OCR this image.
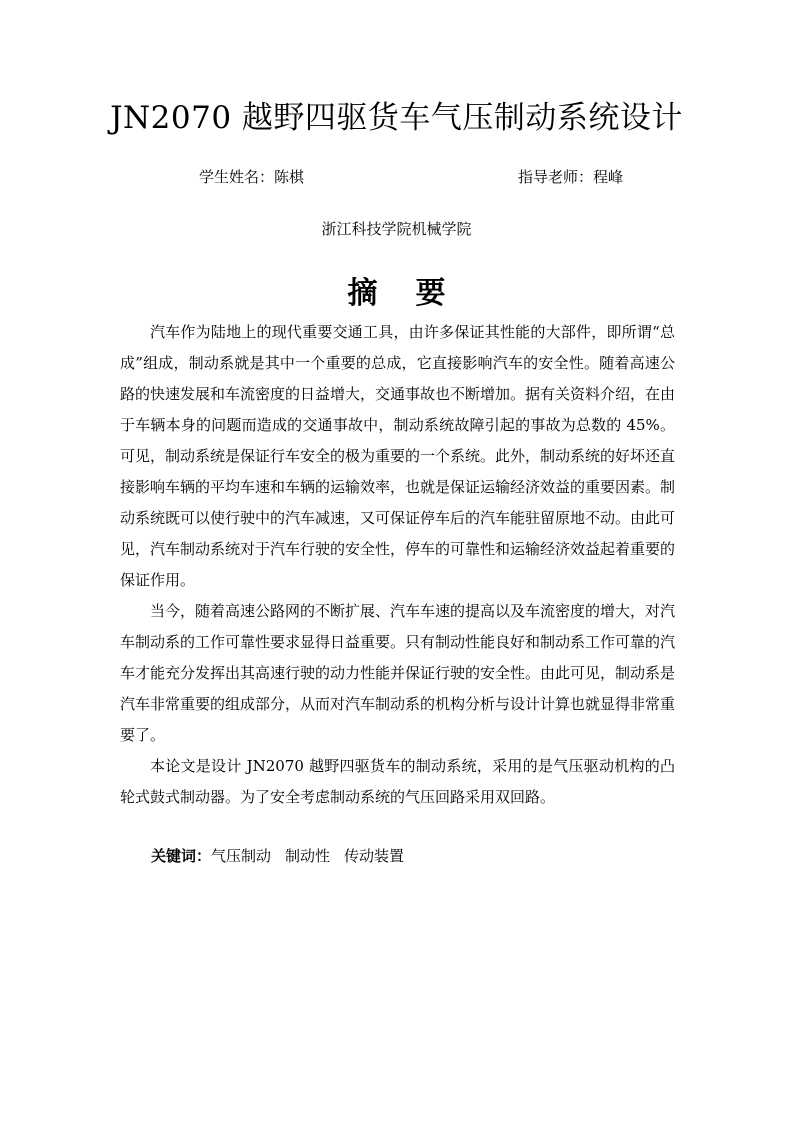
JN2070 越野四驱货车气压制动系统设计
学生姓名：陈棋	指导老师：程峰
浙江科技学院机械学院
摘要

汽车作为陆地上的现代重要交通工具，由许多保证其性能的大部件，即所谓“总成”组成，制动系就是其中一个重要的总成，它直接影响汽车的安全性。随着高速公路的快速发展和车流密度的日益增大，交通事故也不断增加。据有关资料介绍，在由于车辆本身的问题而造成的交通事故中，制动系统故障引起的事故为总数的 45%。可见，制动系统是保证行车安全的极为重要的一个系统。此外，制动系统的好坏还直接影响车辆的平均车速和车辆的运输效率，也就是保证运输经济效益的重要因素。制动系统既可以使行驶中的汽车减速，又可保证停车后的汽车能驻留原地不动。由此可见，汽车制动系统对于汽车行驶的安全性，停车的可靠性和运输经济效益起着重要的保证作用。

当今，随着高速公路网的不断扩展、汽车车速的提高以及车流密度的增大，对汽车制动系的工作可靠性要求显得日益重要。只有制动性能良好和制动系工作可靠的汽车才能充分发挥出其高速行驶的动力性能并保证行驶的安全性。由此可见，制动系是汽车非常重要的组成部分，从而对汽车制动系的机构分析与设计计算也就显得非常重要了。

本论文是设计 JN2070 越野四驱货车的制动系统，采用的是气压驱动机构的凸轮式鼓式制动器。为了安全考虑制动系统的气压回路采用双回路。

关键词：气压制动 制动性 传动装置
